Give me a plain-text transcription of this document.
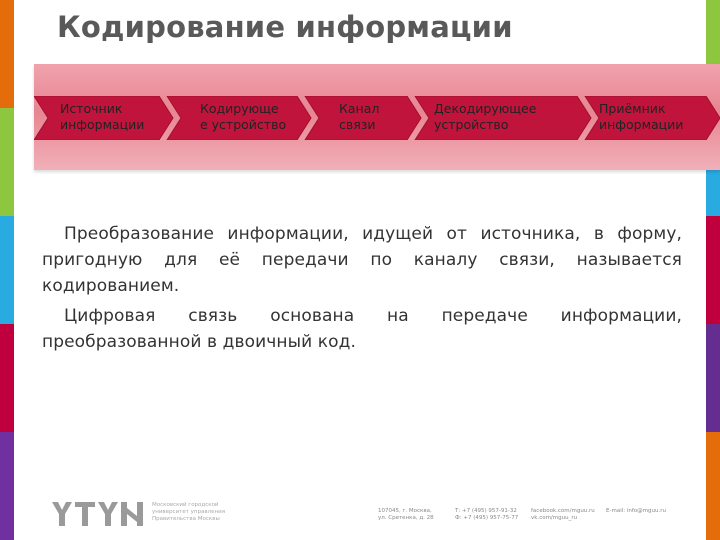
Кодирование информации
Источник
информации
Кодирующе
е устройство
Канал
связи
Декодирующее
устройство
Приёмник
информации

Преобразование информации, идущей от источника, в форму, пригодную для её передачи по каналу связи, называется кодированием.

Цифровая связь основана на передаче информации, преобразованной в двоичный код.

Московский городской
университет управления
Правительства Москвы
107045, г. Москва,
ул. Сретенка, д. 28
Т: +7 (495) 957-91-32
Ф: +7 (495) 957-75-77
facebook.com/mguu.ru
vk.com/mguu_ru
E-mail: info@mguu.ru
